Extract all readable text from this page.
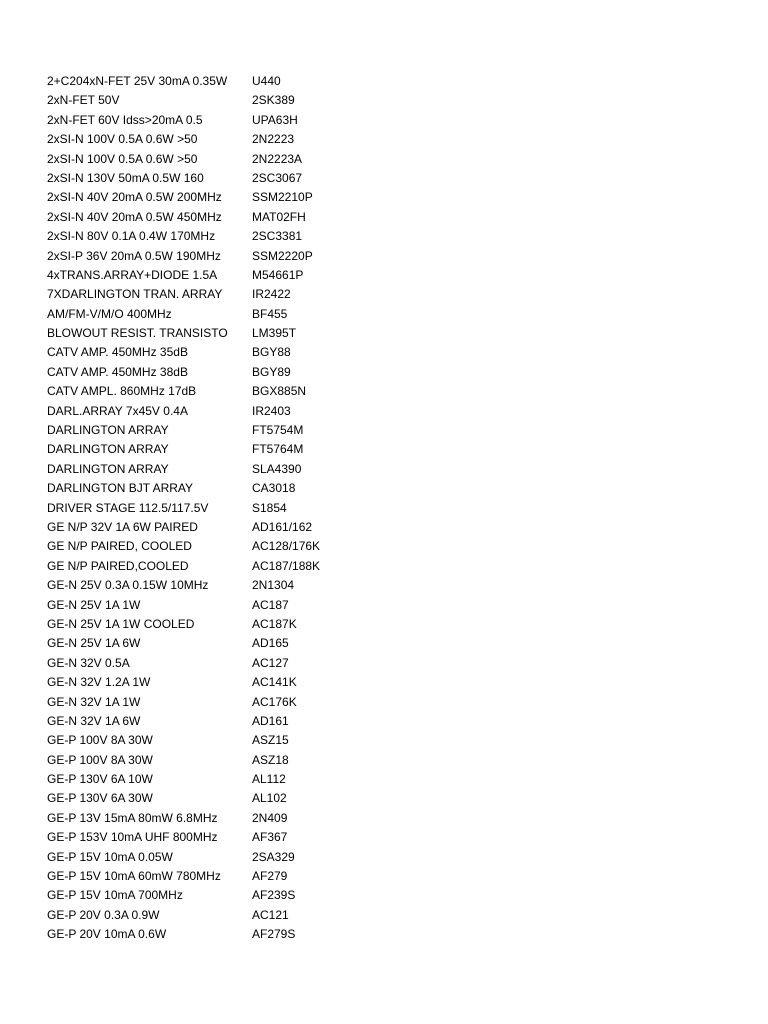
2+C204xN-FET 25V 30mA 0.35W	U440
2xN-FET 50V	2SK389
2xN-FET 60V Idss>20mA 0.5	UPA63H
2xSI-N 100V 0.5A 0.6W >50	2N2223
2xSI-N 100V 0.5A 0.6W >50	2N2223A
2xSI-N 130V 50mA 0.5W 160	2SC3067
2xSI-N 40V 20mA 0.5W 200MHz	SSM2210P
2xSI-N 40V 20mA 0.5W 450MHz	MAT02FH
2xSI-N 80V 0.1A 0.4W 170MHz	2SC3381
2xSI-P 36V 20mA 0.5W 190MHz	SSM2220P
4xTRANS.ARRAY+DIODE 1.5A	M54661P
7XDARLINGTON TRAN. ARRAY	IR2422
AM/FM-V/M/O 400MHz	BF455
BLOWOUT RESIST. TRANSISTO	LM395T
CATV AMP. 450MHz 35dB	BGY88
CATV AMP. 450MHz 38dB	BGY89
CATV AMPL. 860MHz 17dB	BGX885N
DARL.ARRAY 7x45V 0.4A	IR2403
DARLINGTON ARRAY	FT5754M
DARLINGTON ARRAY	FT5764M
DARLINGTON ARRAY	SLA4390
DARLINGTON BJT ARRAY	CA3018
DRIVER STAGE 112.5/117.5V	S1854
GE N/P 32V 1A 6W PAIRED	AD161/162
GE N/P PAIRED, COOLED	AC128/176K
GE N/P PAIRED,COOLED	AC187/188K
GE-N 25V 0.3A 0.15W 10MHz	2N1304
GE-N 25V 1A 1W	AC187
GE-N 25V 1A 1W COOLED	AC187K
GE-N 25V 1A 6W	AD165
GE-N 32V 0.5A	AC127
GE-N 32V 1.2A 1W	AC141K
GE-N 32V 1A 1W	AC176K
GE-N 32V 1A 6W	AD161
GE-P 100V 8A 30W	ASZ15
GE-P 100V 8A 30W	ASZ18
GE-P 130V 6A 10W	AL112
GE-P 130V 6A 30W	AL102
GE-P 13V 15mA 80mW 6.8MHz	2N409
GE-P 153V 10mA UHF 800MHz	AF367
GE-P 15V 10mA 0.05W	2SA329
GE-P 15V 10mA 60mW 780MHz	AF279
GE-P 15V 10mA 700MHz	AF239S
GE-P 20V 0.3A 0.9W	AC121
GE-P 20V 10mA 0.6W	AF279S
